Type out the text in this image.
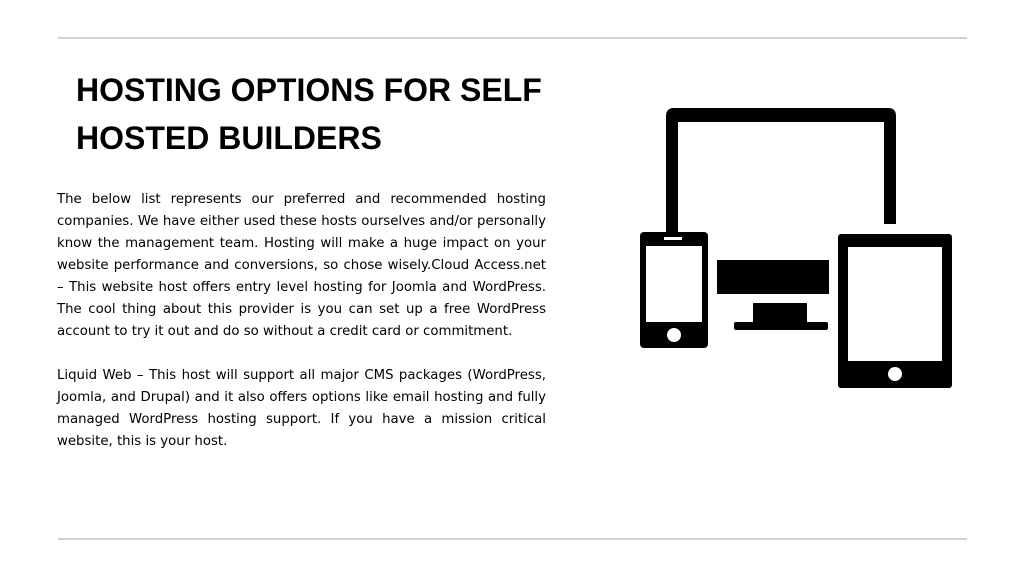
HOSTING OPTIONS FOR SELF HOSTED BUILDERS

The below list represents our preferred and recommended hosting companies. We have either used these hosts ourselves and/or personally know the management team. Hosting will make a huge impact on your website performance and conversions, so chose wisely.Cloud Access.net – This website host offers entry level hosting for Joomla and WordPress. The cool thing about this provider is you can set up a free WordPress account to try it out and do so without a credit card or commitment.

Liquid Web – This host will support all major CMS packages (WordPress, Joomla, and Drupal) and it also offers options like email hosting and fully managed WordPress hosting support. If you have a mission critical website, this is your host.
